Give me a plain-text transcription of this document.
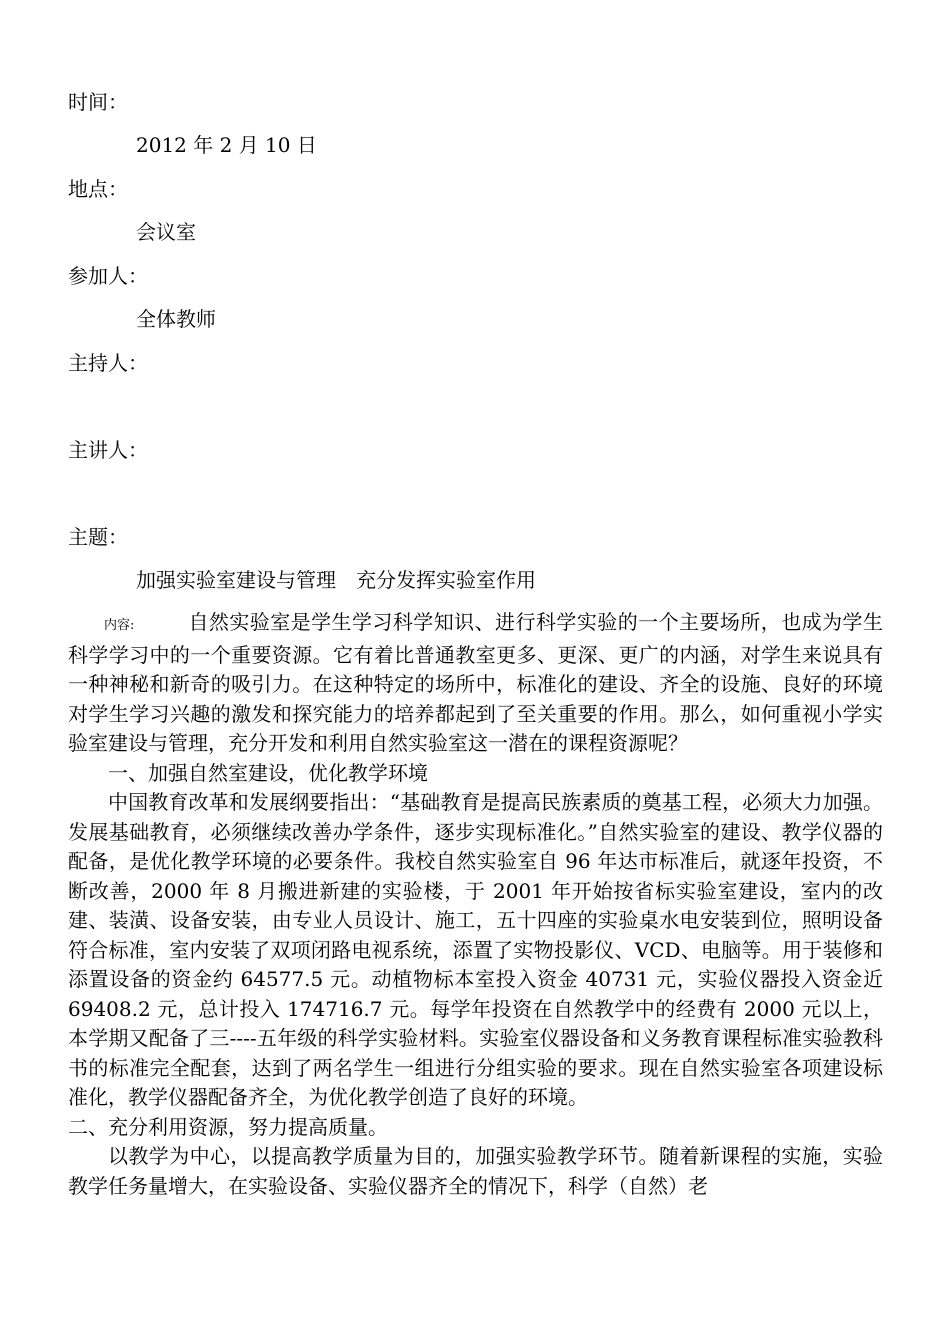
时间：
2012 年 2 月 10 日
地点：
会议室
参加人：
全体教师
主持人：
主讲人：
主题：
加强实验室建设与管理　充分发挥实验室作用

内容:	自然实验室是学生学习科学知识、进行科学实验的一个主要场所，也成为学生科学学习中的一个重要资源。它有着比普通教室更多、更深、更广的内涵，对学生来说具有一种神秘和新奇的吸引力。在这种特定的场所中，标准化的建设、齐全的设施、良好的环境对学生学习兴趣的激发和探究能力的培养都起到了至关重要的作用。那么，如何重视小学实验室建设与管理，充分开发和利用自然实验室这一潜在的课程资源呢？

一、加强自然室建设，优化教学环境

中国教育改革和发展纲要指出：“基础教育是提高民族素质的奠基工程，必须大力加强。发展基础教育，必须继续改善办学条件，逐步实现标准化。”自然实验室的建设、教学仪器的配备，是优化教学环境的必要条件。我校自然实验室自 96 年达市标准后，就逐年投资，不断改善，2000 年 8 月搬进新建的实验楼，于 2001 年开始按省标实验室建设，室内的改建、装潢、设备安装，由专业人员设计、施工，五十四座的实验桌水电安装到位，照明设备符合标准，室内安装了双项闭路电视系统，添置了实物投影仪、VCD、电脑等。用于装修和添置设备的资金约 64577.5 元。动植物标本室投入资金 40731 元，实验仪器投入资金近 69408.2 元，总计投入 174716.7 元。每学年投资在自然教学中的经费有 2000 元以上，本学期又配备了三----五年级的科学实验材料。实验室仪器设备和义务教育课程标准实验教科书的标准完全配套，达到了两名学生一组进行分组实验的要求。现在自然实验室各项建设标准化，教学仪器配备齐全，为优化教学创造了良好的环境。

二、充分利用资源，努力提高质量。

以教学为中心，以提高教学质量为目的，加强实验教学环节。随着新课程的实施，实验教学任务量增大，在实验设备、实验仪器齐全的情况下，科学（自然）老
